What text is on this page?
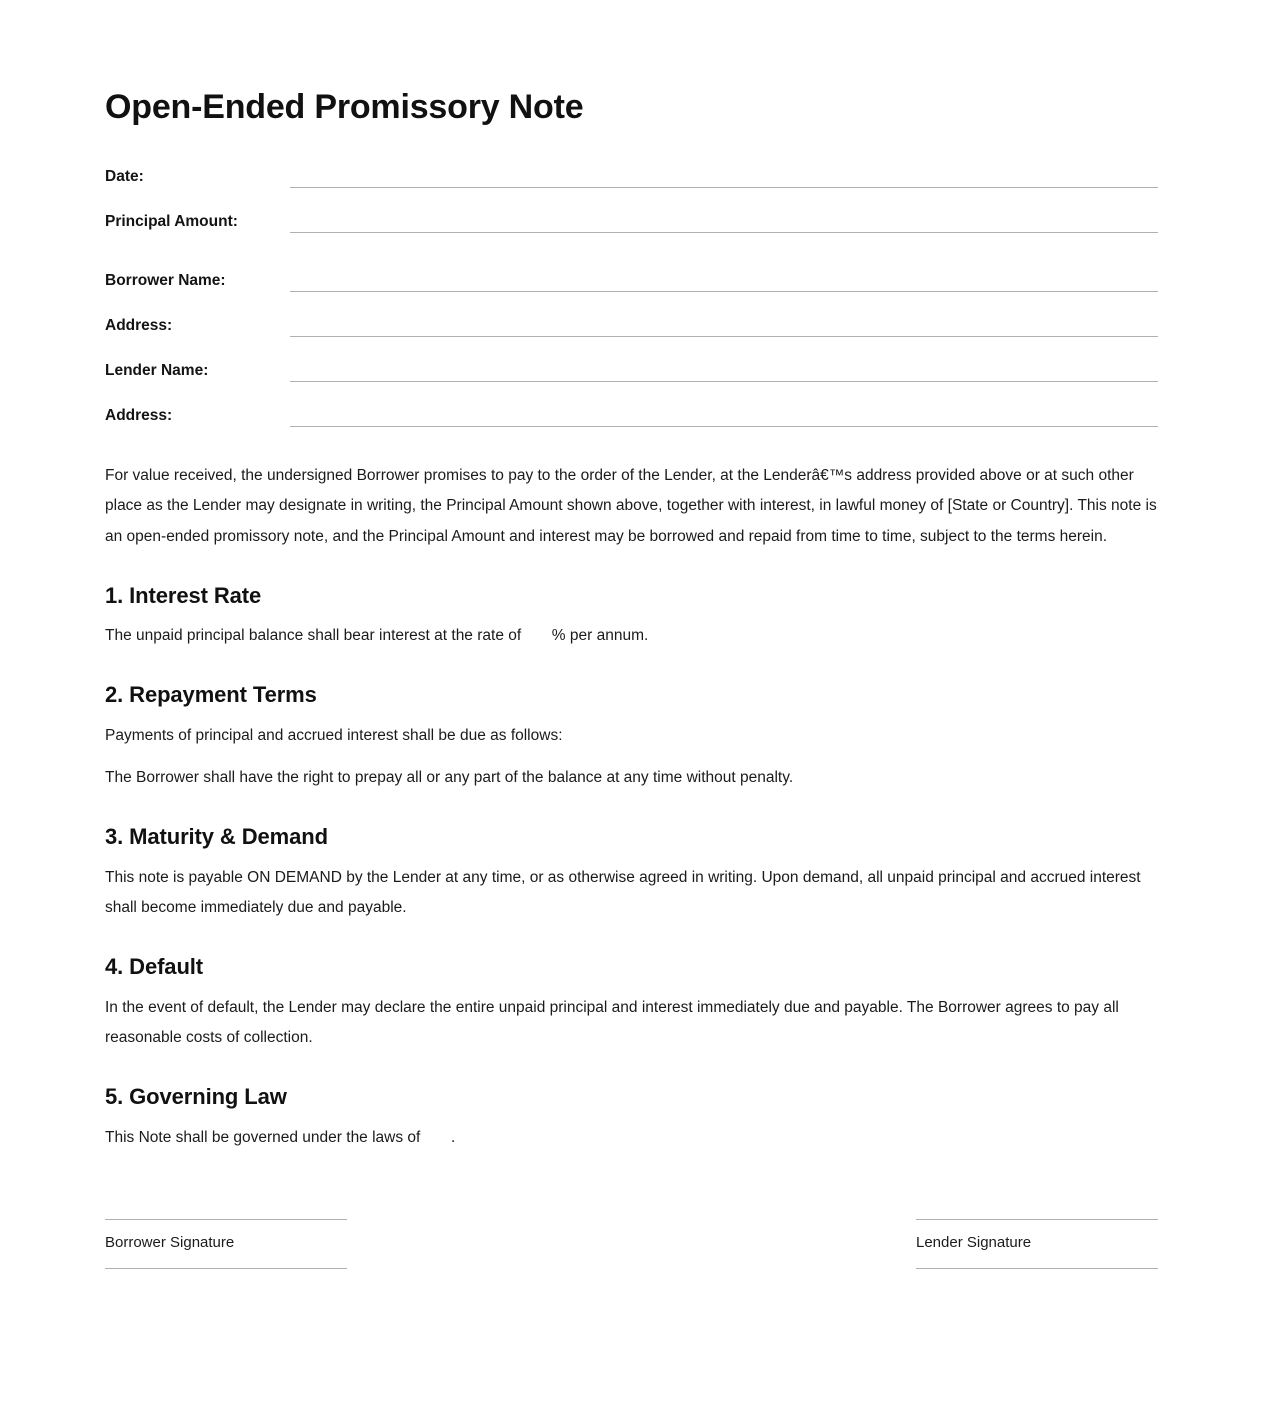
Open-Ended Promissory Note
Date:
Principal Amount:
Borrower Name:
Address:
Lender Name:
Address:

For value received, the undersigned Borrower promises to pay to the order of the Lender, at the Lenderâ€™s address provided above or at such other place as the Lender may designate in writing, the Principal Amount shown above, together with interest, in lawful money of [State or Country]. This note is an open-ended promissory note, and the Principal Amount and interest may be borrowed and repaid from time to time, subject to the terms herein.

1. Interest Rate

The unpaid principal balance shall bear interest at the rate of  % per annum.

2. Repayment Terms

Payments of principal and accrued interest shall be due as follows:

The Borrower shall have the right to prepay all or any part of the balance at any time without penalty.

3. Maturity & Demand

This note is payable ON DEMAND by the Lender at any time, or as otherwise agreed in writing. Upon demand, all unpaid principal and accrued interest shall become immediately due and payable.

4. Default

In the event of default, the Lender may declare the entire unpaid principal and interest immediately due and payable. The Borrower agrees to pay all reasonable costs of collection.

5. Governing Law

This Note shall be governed under the laws of  .

Borrower Signature	Lender Signature
